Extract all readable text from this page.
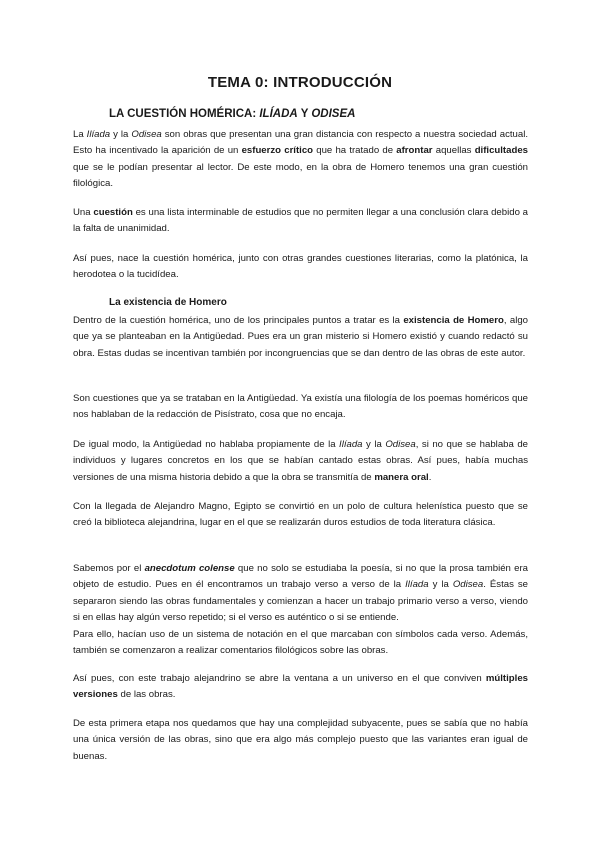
TEMA 0: INTRODUCCIÓN
LA CUESTIÓN HOMÉRICA: ILÍADA Y ODISEA

La Ilíada y la Odisea son obras que presentan una gran distancia con respecto a nuestra sociedad actual. Esto ha incentivado la aparición de un esfuerzo crítico que ha tratado de afrontar aquellas dificultades que se le podían presentar al lector. De este modo, en la obra de Homero tenemos una gran cuestión filológica.

Una cuestión es una lista interminable de estudios que no permiten llegar a una conclusión clara debido a la falta de unanimidad.

Así pues, nace la cuestión homérica, junto con otras grandes cuestiones literarias, como la platónica, la herodotea o la tucidídea.

La existencia de Homero

Dentro de la cuestión homérica, uno de los principales puntos a tratar es la existencia de Homero, algo que ya se planteaban en la Antigüedad. Pues era un gran misterio si Homero existió y cuando redactó su obra. Estas dudas se incentivan también por incongruencias que se dan dentro de las obras de este autor.

Son cuestiones que ya se trataban en la Antigüedad. Ya existía una filología de los poemas homéricos que nos hablaban de la redacción de Pisístrato, cosa que no encaja.

De igual modo, la Antigüedad no hablaba propiamente de la Ilíada y la Odisea, si no que se hablaba de individuos y lugares concretos en los que se habían cantado estas obras. Así pues, había muchas versiones de una misma historia debido a que la obra se transmitía de manera oral.

Con la llegada de Alejandro Magno, Egipto se convirtió en un polo de cultura helenística puesto que se creó la biblioteca alejandrina, lugar en el que se realizarán duros estudios de toda literatura clásica.

Sabemos por el anecdotum colense que no solo se estudiaba la poesía, si no que la prosa también era objeto de estudio. Pues en él encontramos un trabajo verso a verso de la Ilíada y la Odisea. Éstas se separaron siendo las obras fundamentales y comienzan a hacer un trabajo primario verso a verso, viendo si en ellas hay algún verso repetido; si el verso es auténtico o si se entiende.
Para ello, hacían uso de un sistema de notación en el que marcaban con símbolos cada verso. Además, también se comenzaron a realizar comentarios filológicos sobre las obras.

Así pues, con este trabajo alejandrino se abre la ventana a un universo en el que conviven múltiples versiones de las obras.

De esta primera etapa nos quedamos que hay una complejidad subyacente, pues se sabía que no había una única versión de las obras, sino que era algo más complejo puesto que las variantes eran igual de buenas.
